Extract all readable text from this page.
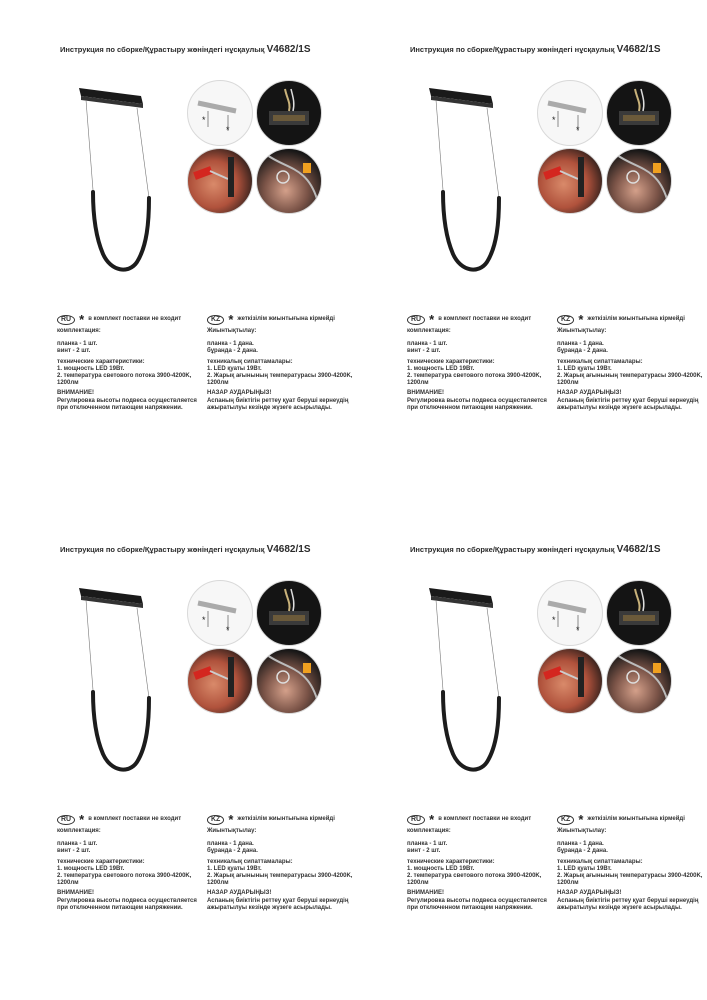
Инструкция по сборке/Құрастыру жөніндегі нұсқаулық V4682/1S
*
*
RU * в комплект поставки не входит
комплектация:
планка - 1 шт.
винт - 2 шт.
технические характеристики:
1. мощность LED 19Вт.
2. температура светового потока 3900-4200K,
1200лм
ВНИМАНИЕ!
Регулировка высоты подвеса осуществляется
при отключенном питающем напряжении.
KZ * жеткізілім жиынтығына кірмейді
Жиынтықтылау:
планка - 1 дана.
бұранда - 2 дана.
техникалық сипаттамалары:
1. LED қуаты 19Вт.
2. Жарық ағынының температурасы 3900-4200K,
1200лм
НАЗАР АУДАРЫҢЫЗ!
Аспаның биіктігін реттеу қуат беруші кернеудің
ажыратылуы кезінде жүзеге асырылады.
Инструкция по сборке/Құрастыру жөніндегі нұсқаулық V4682/1S
*
*
RU * в комплект поставки не входит
комплектация:
планка - 1 шт.
винт - 2 шт.
технические характеристики:
1. мощность LED 19Вт.
2. температура светового потока 3900-4200K,
1200лм
ВНИМАНИЕ!
Регулировка высоты подвеса осуществляется
при отключенном питающем напряжении.
KZ * жеткізілім жиынтығына кірмейді
Жиынтықтылау:
планка - 1 дана.
бұранда - 2 дана.
техникалық сипаттамалары:
1. LED қуаты 19Вт.
2. Жарық ағынының температурасы 3900-4200K,
1200лм
НАЗАР АУДАРЫҢЫЗ!
Аспаның биіктігін реттеу қуат беруші кернеудің
ажыратылуы кезінде жүзеге асырылады.
Инструкция по сборке/Құрастыру жөніндегі нұсқаулық V4682/1S
*
*
RU * в комплект поставки не входит
комплектация:
планка - 1 шт.
винт - 2 шт.
технические характеристики:
1. мощность LED 19Вт.
2. температура светового потока 3900-4200K,
1200лм
ВНИМАНИЕ!
Регулировка высоты подвеса осуществляется
при отключенном питающем напряжении.
KZ * жеткізілім жиынтығына кірмейді
Жиынтықтылау:
планка - 1 дана.
бұранда - 2 дана.
техникалық сипаттамалары:
1. LED қуаты 19Вт.
2. Жарық ағынының температурасы 3900-4200K,
1200лм
НАЗАР АУДАРЫҢЫЗ!
Аспаның биіктігін реттеу қуат беруші кернеудің
ажыратылуы кезінде жүзеге асырылады.
Инструкция по сборке/Құрастыру жөніндегі нұсқаулық V4682/1S
*
*
RU * в комплект поставки не входит
комплектация:
планка - 1 шт.
винт - 2 шт.
технические характеристики:
1. мощность LED 19Вт.
2. температура светового потока 3900-4200K,
1200лм
ВНИМАНИЕ!
Регулировка высоты подвеса осуществляется
при отключенном питающем напряжении.
KZ * жеткізілім жиынтығына кірмейді
Жиынтықтылау:
планка - 1 дана.
бұранда - 2 дана.
техникалық сипаттамалары:
1. LED қуаты 19Вт.
2. Жарық ағынының температурасы 3900-4200K,
1200лм
НАЗАР АУДАРЫҢЫЗ!
Аспаның биіктігін реттеу қуат беруші кернеудің
ажыратылуы кезінде жүзеге асырылады.
